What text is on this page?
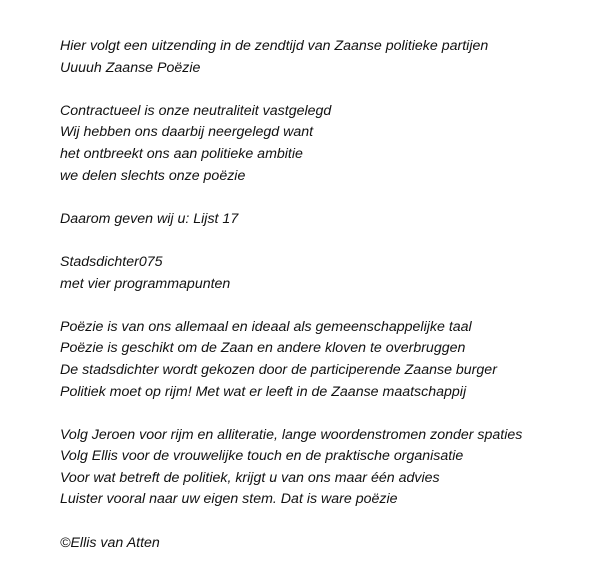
Hier volgt een uitzending in de zendtijd van Zaanse politieke partijen
Uuuuh Zaanse Poëzie
Contractueel is onze neutraliteit vastgelegd
Wij hebben ons daarbij neergelegd want
het ontbreekt ons aan politieke ambitie
we delen slechts onze poëzie
Daarom geven wij u: Lijst 17
Stadsdichter075
met vier programmapunten
Poëzie is van ons allemaal en ideaal als gemeenschappelijke taal
Poëzie is geschikt om de Zaan en andere kloven te overbruggen
De stadsdichter wordt gekozen door de participerende Zaanse burger
Politiek moet op rijm! Met wat er leeft in de Zaanse maatschappij
Volg Jeroen voor rijm en alliteratie, lange woordenstromen zonder spaties
Volg Ellis voor de vrouwelijke touch en de praktische organisatie
Voor wat betreft de politiek, krijgt u van ons maar één advies
Luister vooral naar uw eigen stem. Dat is ware poëzie
©Ellis van Atten
